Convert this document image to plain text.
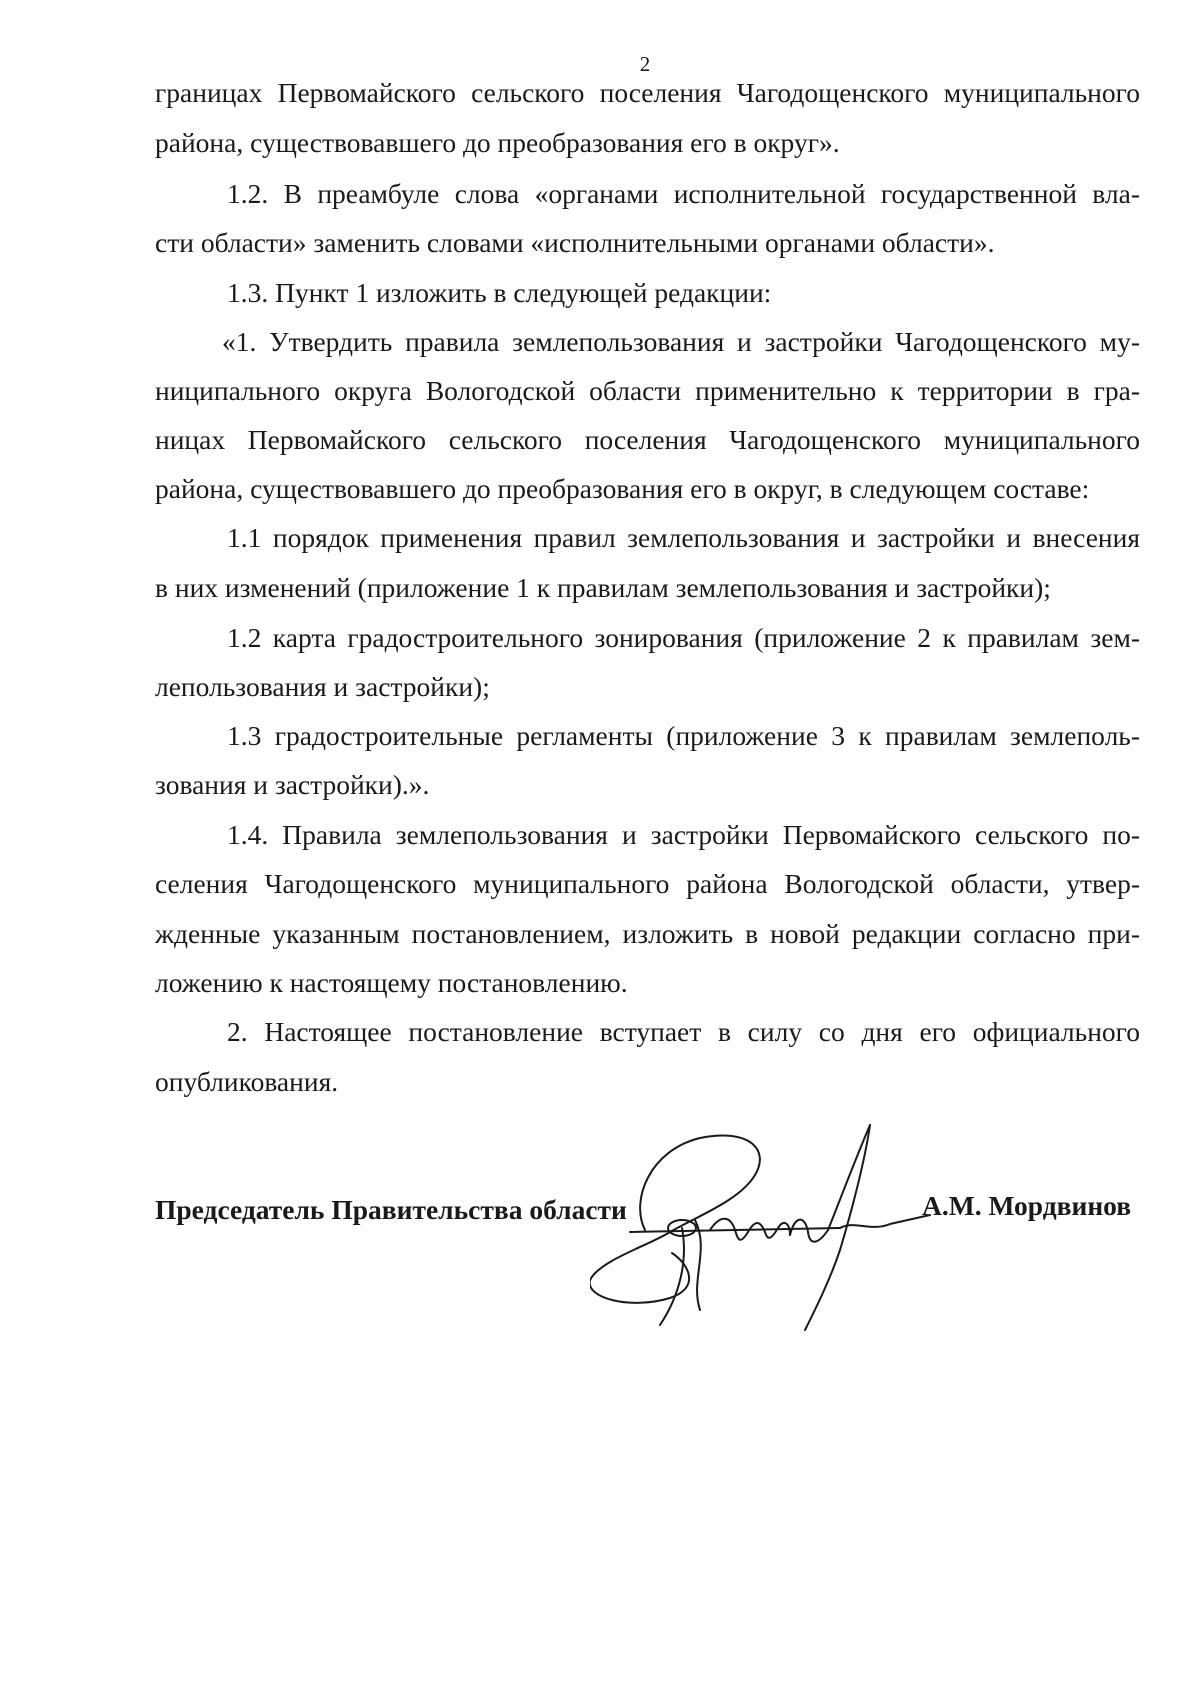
2
границах Первомайского сельского поселения Чагодощенского муниципального
района, существовавшего до преобразования его в округ».
1.2. В преамбуле слова «органами исполнительной государственной вла-
сти области» заменить словами «исполнительными органами области».
1.3. Пункт 1 изложить в следующей редакции:
«1. Утвердить правила землепользования и застройки Чагодощенского му-
ниципального округа Вологодской области применительно к территории в гра-
ницах Первомайского сельского поселения Чагодощенского муниципального
района, существовавшего до преобразования его в округ, в следующем составе:
1.1 порядок применения правил землепользования и застройки и внесения
в них изменений (приложение 1 к правилам землепользования и застройки);
1.2 карта градостроительного зонирования (приложение 2 к правилам зем-
лепользования и застройки);
1.3 градостроительные регламенты (приложение 3 к правилам землеполь-
зования и застройки).».
1.4. Правила землепользования и застройки Первомайского сельского по-
селения Чагодощенского муниципального района Вологодской области, утвер-
жденные указанным постановлением, изложить в новой редакции согласно при-
ложению к настоящему постановлению.
2. Настоящее постановление вступает в силу со дня его официального
опубликования.
Председатель Правительства области	А.М. Мордвинов
